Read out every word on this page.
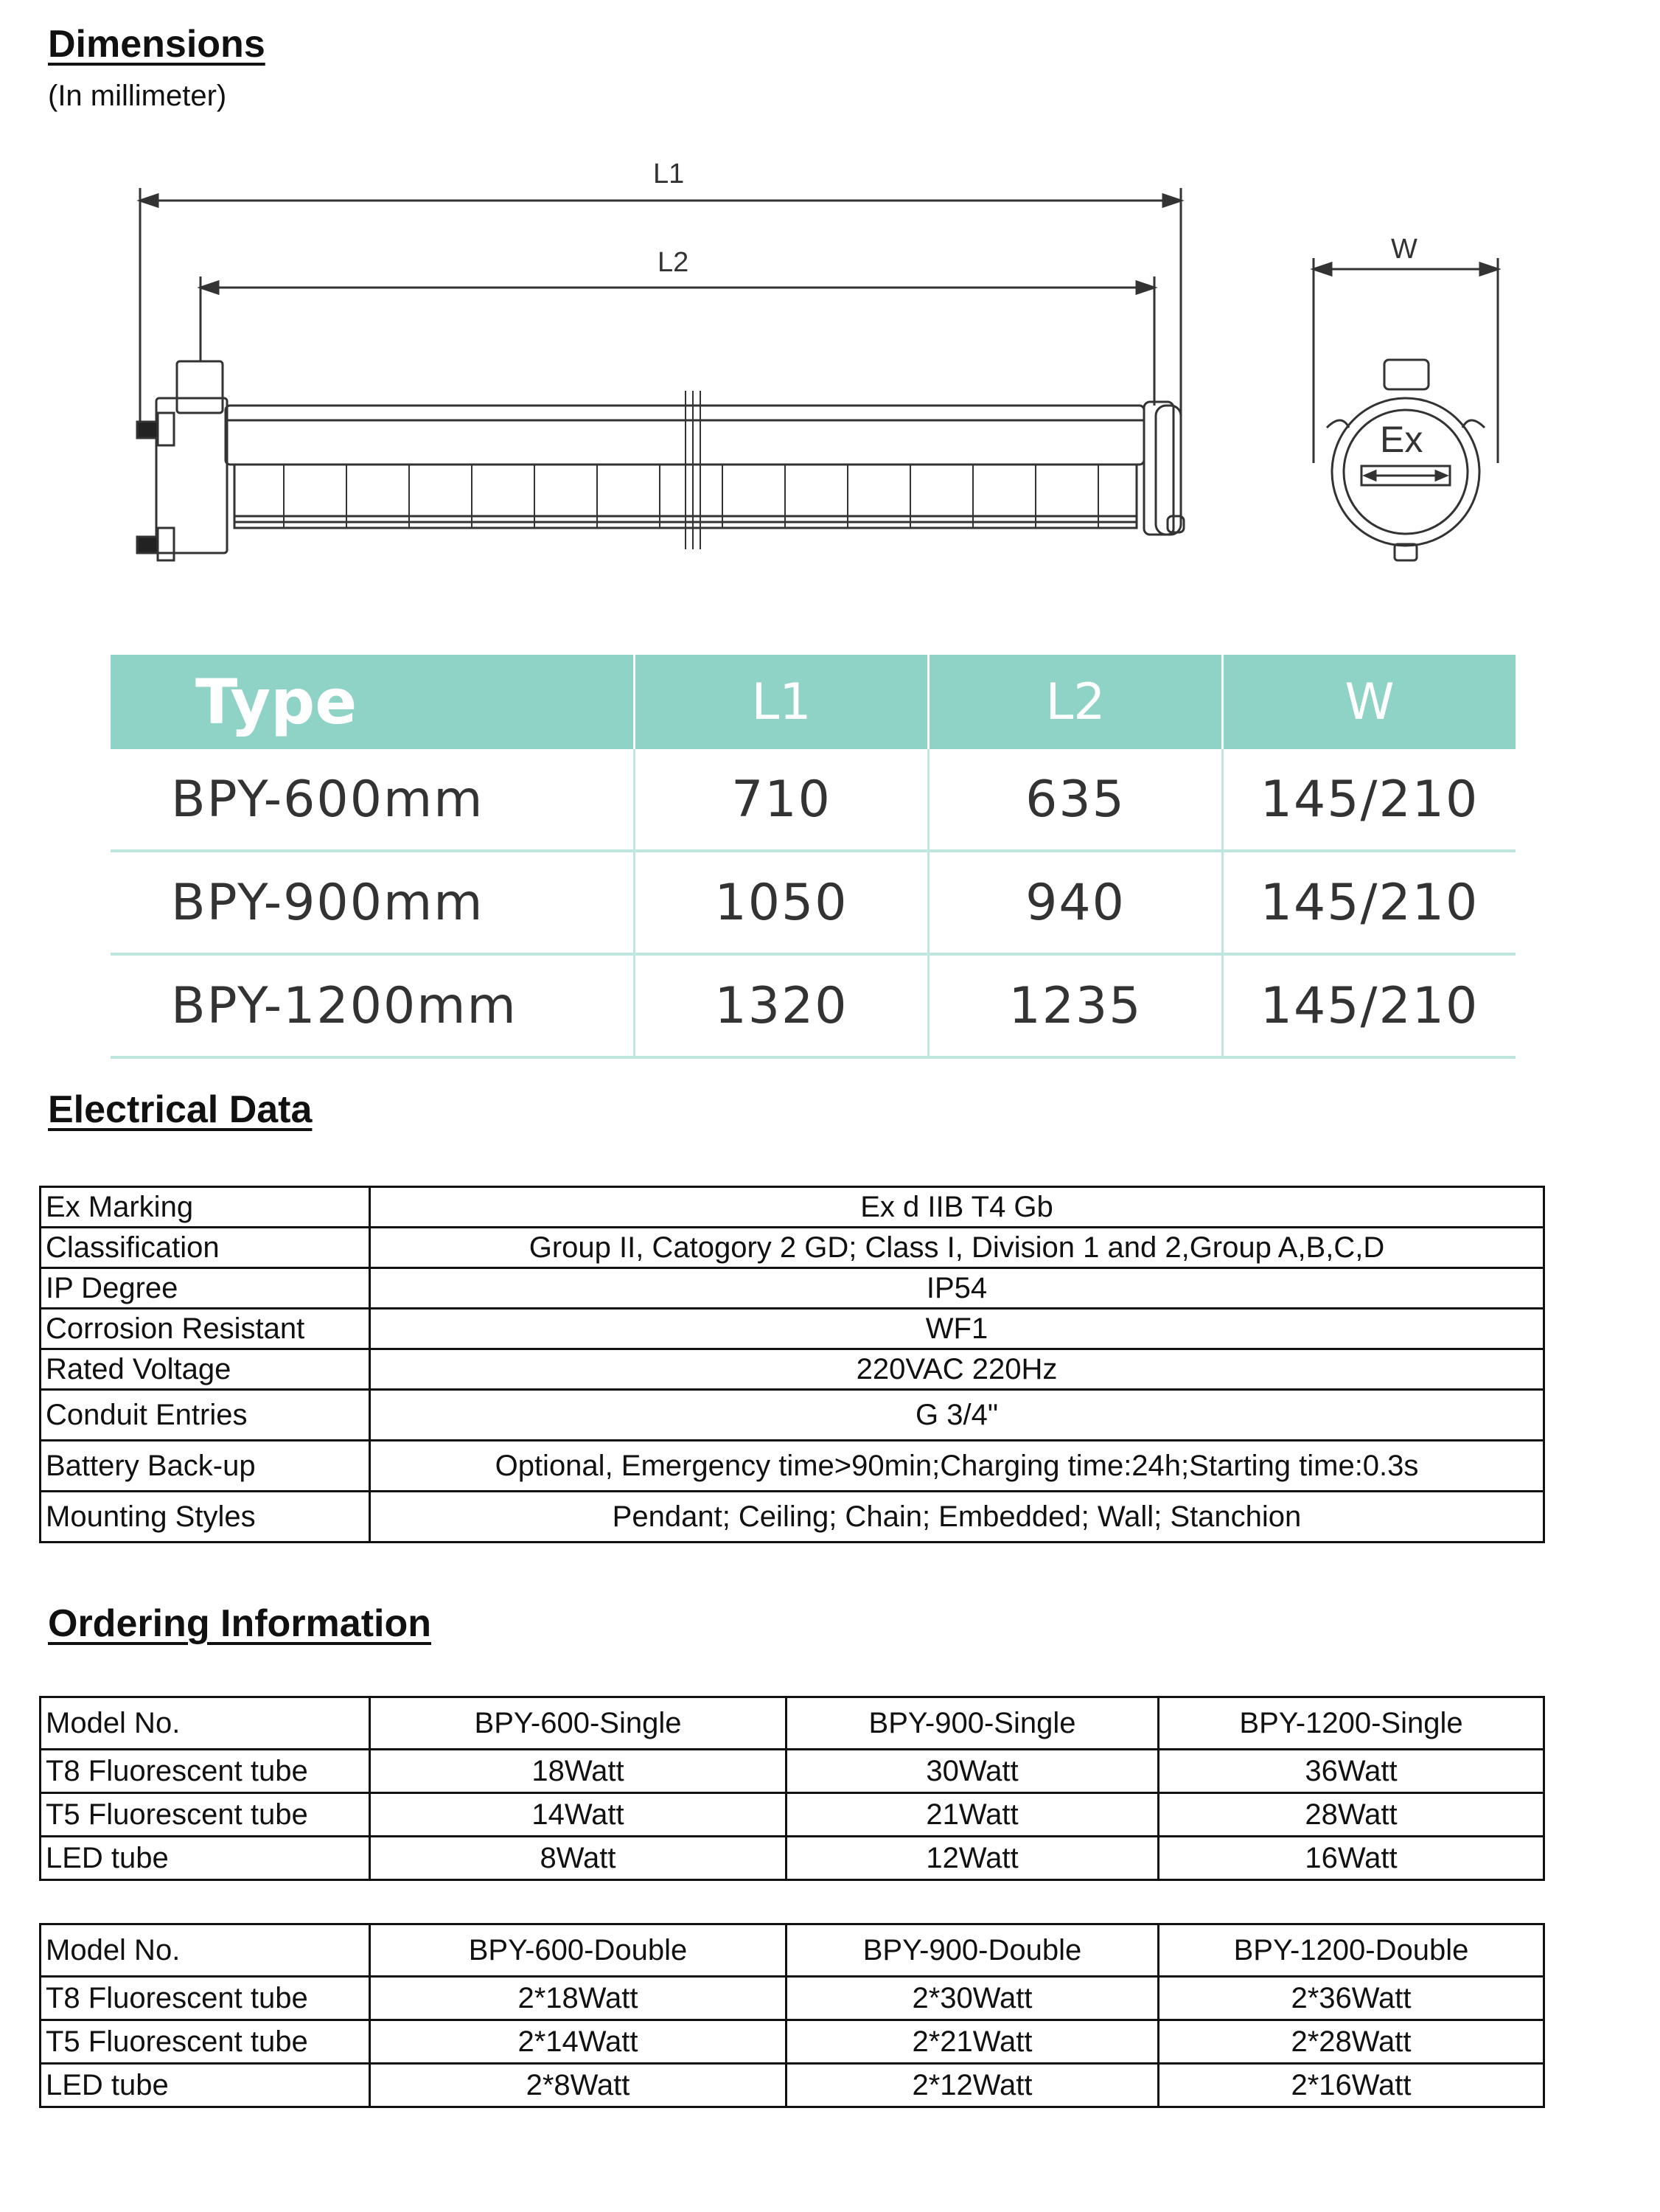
Dimensions

(In millimeter)

L1
L2	W
Ex
Type	L1	L2	W
BPY-600mm	710	635	145/210
BPY-900mm	1050	940	145/210
BPY-1200mm	1320	1235	145/210
Electrical Data
Ex Marking	Ex d IIB T4 Gb
Classification	Group II, Catogory 2 GD; Class I, Division 1 and 2,Group A,B,C,D
IP Degree	IP54
Corrosion Resistant	WF1
Rated Voltage	220VAC 220Hz
Conduit Entries	G 3/4"
Battery Back-up	Optional, Emergency time>90min;Charging time:24h;Starting time:0.3s
Mounting Styles	Pendant; Ceiling; Chain; Embedded; Wall; Stanchion
Ordering Information
Model No.	BPY-600-Single	BPY-900-Single	BPY-1200-Single
T8 Fluorescent tube	18Watt	30Watt	36Watt
T5 Fluorescent tube	14Watt	21Watt	28Watt
LED tube	8Watt	12Watt	16Watt
Model No.	BPY-600-Double	BPY-900-Double	BPY-1200-Double
T8 Fluorescent tube	2*18Watt	2*30Watt	2*36Watt
T5 Fluorescent tube	2*14Watt	2*21Watt	2*28Watt
LED tube	2*8Watt	2*12Watt	2*16Watt
